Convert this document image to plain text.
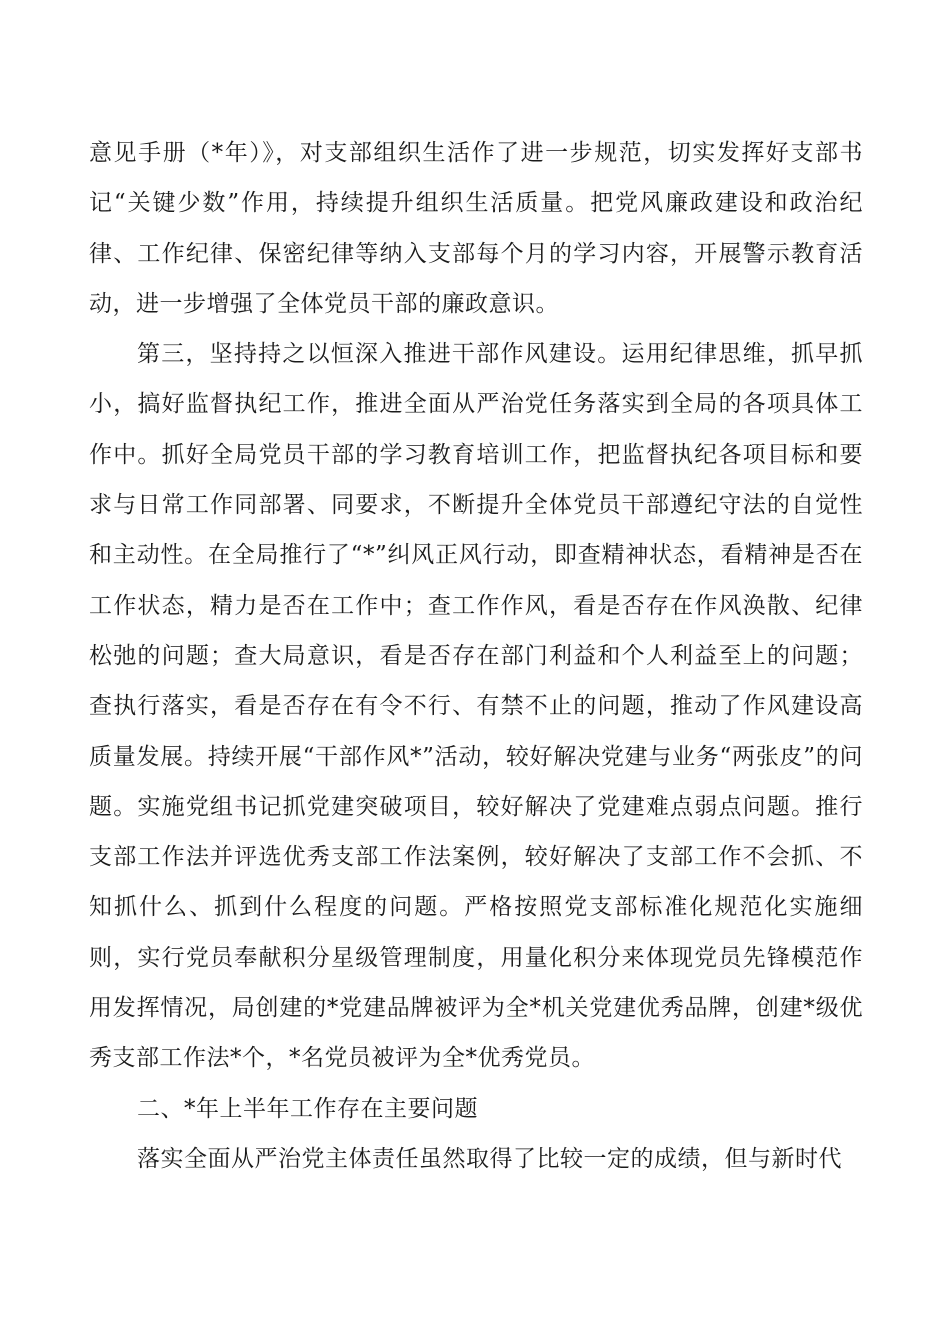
意见手册（*年）》，对支部组织生活作了进一步规范，切实发挥好支部书记“关键少数”作用，持续提升组织生活质量。把党风廉政建设和政治纪律、工作纪律、保密纪律等纳入支部每个月的学习内容，开展警示教育活动，进一步增强了全体党员干部的廉政意识。

第三，坚持持之以恒深入推进干部作风建设。运用纪律思维，抓早抓小，搞好监督执纪工作，推进全面从严治党任务落实到全局的各项具体工作中。抓好全局党员干部的学习教育培训工作，把监督执纪各项目标和要求与日常工作同部署、同要求，不断提升全体党员干部遵纪守法的自觉性和主动性。在全局推行了“*”纠风正风行动，即查精神状态，看精神是否在工作状态，精力是否在工作中；查工作作风，看是否存在作风涣散、纪律松弛的问题；查大局意识，看是否存在部门利益和个人利益至上的问题；查执行落实，看是否存在有令不行、有禁不止的问题，推动了作风建设高质量发展。持续开展“干部作风*”活动，较好解决党建与业务“两张皮”的问题。实施党组书记抓党建突破项目，较好解决了党建难点弱点问题。推行支部工作法并评选优秀支部工作法案例，较好解决了支部工作不会抓、不知抓什么、抓到什么程度的问题。严格按照党支部标准化规范化实施细则，实行党员奉献积分星级管理制度，用量化积分来体现党员先锋模范作用发挥情况，局创建的*党建品牌被评为全*机关党建优秀品牌，创建*级优秀支部工作法*个，*名党员被评为全*优秀党员。

二、*年上半年工作存在主要问题

落实全面从严治党主体责任虽然取得了比较一定的成绩，但与新时代
